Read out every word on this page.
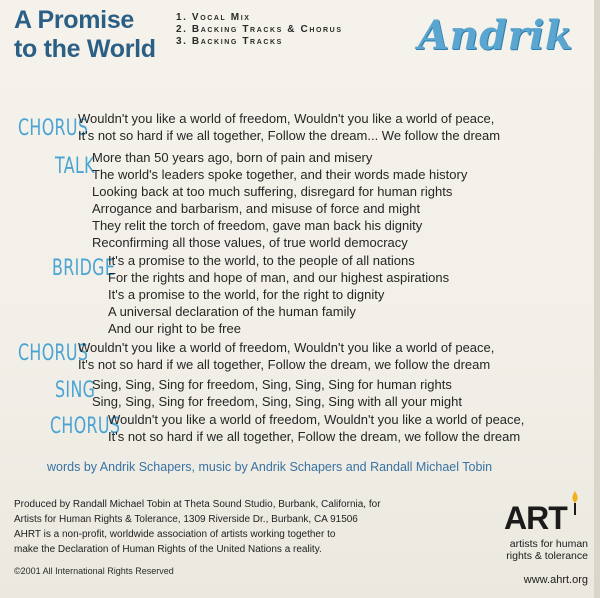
A Promise
to the World
1. Vocal Mix
2. Backing Tracks & Chorus
3. Backing Tracks	Andrik
CHORUS
Wouldn't you like a world of freedom, Wouldn't you like a world of peace,
It's not so hard if we all together, Follow the dream... We follow the dream
TALK
More than 50 years ago, born of pain and misery
The world's leaders spoke together, and their words made history
Looking back at too much suffering, disregard for human rights
Arrogance and barbarism, and misuse of force and might
They relit the torch of freedom, gave man back his dignity
Reconfirming all those values, of true world democracy
BRIDGE
It's a promise to the world, to the people of all nations
For the rights and hope of man, and our highest aspirations
It's a promise to the world, for the right to dignity
A universal declaration of the human family
And our right to be free
CHORUS
Wouldn't you like a world of freedom, Wouldn't you like a world of peace,
It's not so hard if we all together, Follow the dream, we follow the dream
SING
Sing, Sing, Sing for freedom, Sing, Sing, Sing for human rights
Sing, Sing, Sing for freedom, Sing, Sing, Sing with all your might
CHORUS
Wouldn't you like a world of freedom, Wouldn't you like a world of peace,
It's not so hard if we all together, Follow the dream, we follow the dream
words by Andrik Schapers, music by Andrik Schapers and Randall Michael Tobin
Produced by Randall Michael Tobin at Theta Sound Studio, Burbank, California, for
Artists for Human Rights & Tolerance, 1309 Riverside Dr., Burbank, CA 91506
AHRT is a non-profit, worldwide association of artists working together to
make the Declaration of Human Rights of the United Nations a reality.
©2001 All International Rights Reserved
ART
artists for human
rights & tolerance
www.ahrt.org
